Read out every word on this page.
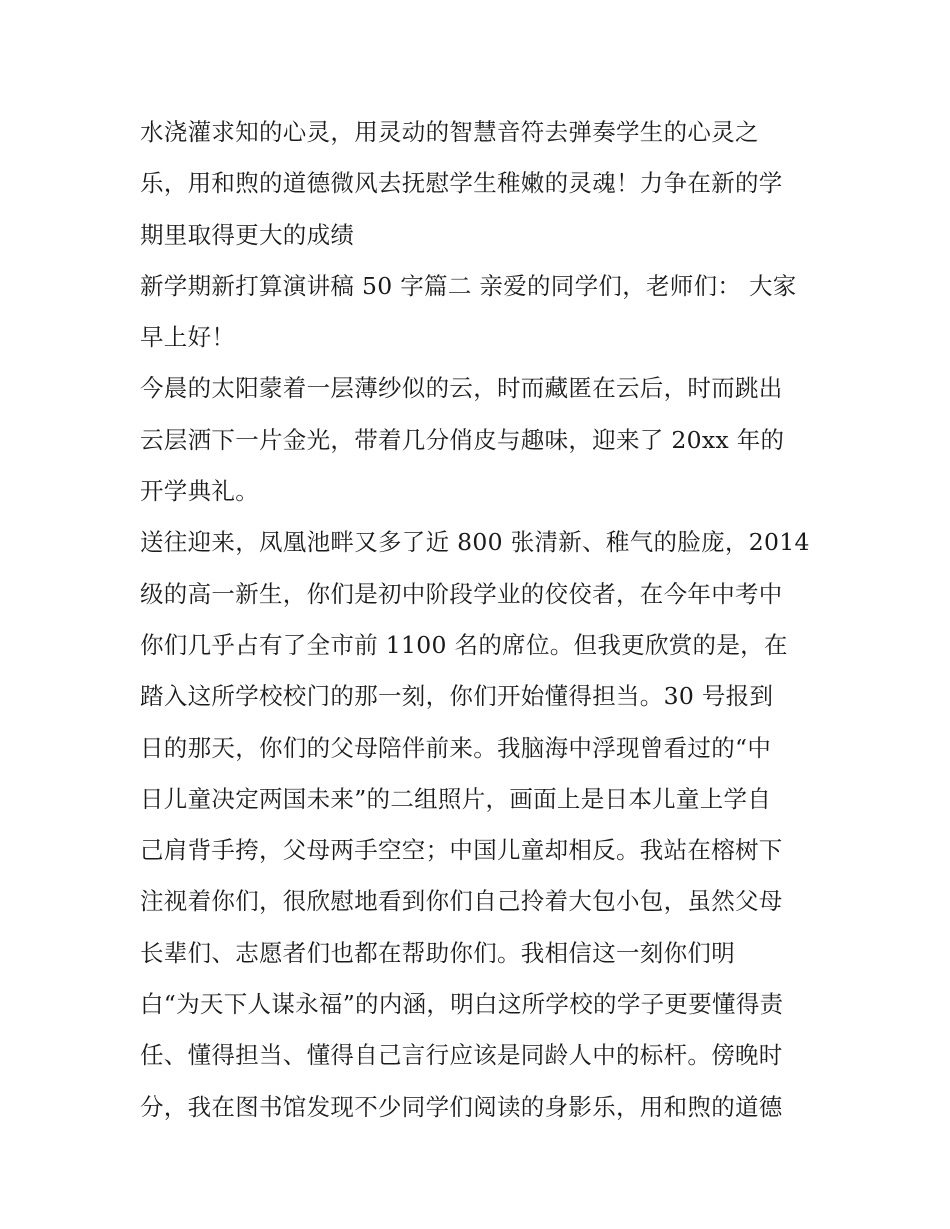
水浇灌求知的心灵，用灵动的智慧音符去弹奏学生的心灵之
乐，用和煦的道德微风去抚慰学生稚嫩的灵魂！力争在新的学
期里取得更大的成绩
新学期新打算演讲稿 50 字篇二 亲爱的同学们，老师们： 大家
早上好！
今晨的太阳蒙着一层薄纱似的云，时而藏匿在云后，时而跳出
云层洒下一片金光，带着几分俏皮与趣味，迎来了 20xx 年的
开学典礼。
送往迎来，凤凰池畔又多了近 800 张清新、稚气的脸庞，2014
级的高一新生，你们是初中阶段学业的佼佼者，在今年中考中
你们几乎占有了全市前 1100 名的席位。但我更欣赏的是，在
踏入这所学校校门的那一刻，你们开始懂得担当。30 号报到
日的那天，你们的父母陪伴前来。我脑海中浮现曾看过的“中
日儿童决定两国未来”的二组照片，画面上是日本儿童上学自
己肩背手挎，父母两手空空；中国儿童却相反。我站在榕树下
注视着你们，很欣慰地看到你们自己拎着大包小包，虽然父母
长辈们、志愿者们也都在帮助你们。我相信这一刻你们明
白“为天下人谋永福”的内涵，明白这所学校的学子更要懂得责
任、懂得担当、懂得自己言行应该是同龄人中的标杆。傍晚时
分，我在图书馆发现不少同学们阅读的身影乐，用和煦的道德
